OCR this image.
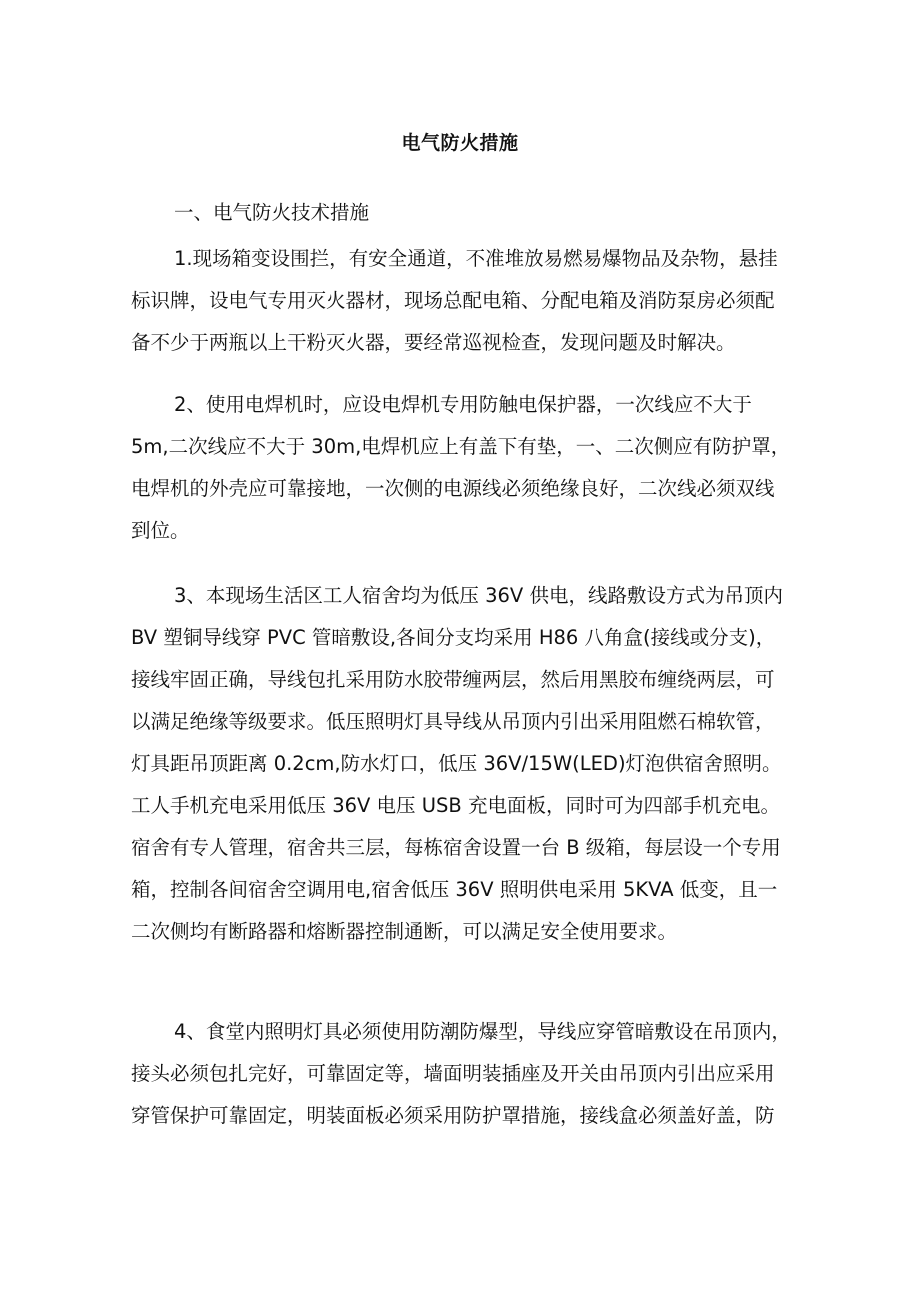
电气防火措施
一、电气防火技术措施
1.现场箱变设围拦，有安全通道，不准堆放易燃易爆物品及杂物，悬挂
标识牌，设电气专用灭火器材，现场总配电箱、分配电箱及消防泵房必须配
备不少于两瓶以上干粉灭火器，要经常巡视检查，发现问题及时解决。
2、使用电焊机时，应设电焊机专用防触电保护器，一次线应不大于
5m,二次线应不大于 30m,电焊机应上有盖下有垫，一、二次侧应有防护罩，
电焊机的外壳应可靠接地，一次侧的电源线必须绝缘良好，二次线必须双线
到位。
3、本现场生活区工人宿舍均为低压 36V 供电，线路敷设方式为吊顶内
BV 塑铜导线穿 PVC 管暗敷设,各间分支均采用 H86 八角盒(接线或分支)，
接线牢固正确，导线包扎采用防水胶带缠两层，然后用黑胶布缠绕两层，可
以满足绝缘等级要求。低压照明灯具导线从吊顶内引出采用阻燃石棉软管，
灯具距吊顶距离 0.2cm,防水灯口，低压 36V/15W(LED)灯泡供宿舍照明。
工人手机充电采用低压 36V 电压 USB 充电面板，同时可为四部手机充电。
宿舍有专人管理，宿舍共三层，每栋宿舍设置一台 B 级箱，每层设一个专用
箱，控制各间宿舍空调用电,宿舍低压 36V 照明供电采用 5KVA 低变，且一
二次侧均有断路器和熔断器控制通断，可以满足安全使用要求。
4、食堂内照明灯具必须使用防潮防爆型，导线应穿管暗敷设在吊顶内，
接头必须包扎完好，可靠固定等，墙面明装插座及开关由吊顶内引出应采用
穿管保护可靠固定，明装面板必须采用防护罩措施，接线盒必须盖好盖，防
